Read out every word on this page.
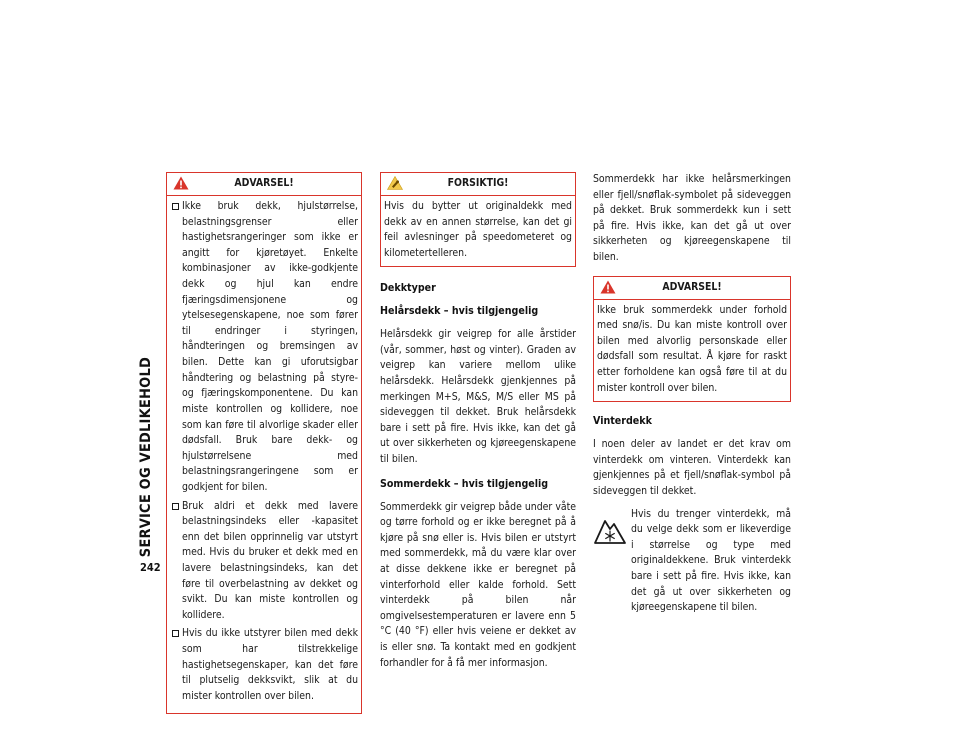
SERVICE OG VEDLIKEHOLD
242
ADVARSEL!
Ikke bruk dekk, hjulstørrelse, belastningsgrenser eller hastighetsrangeringer som ikke er angitt for kjøretøyet. Enkelte kombinasjoner av ikke-godkjente dekk og hjul kan endre fjæringsdimensjonene og ytelsesegenskapene, noe som fører til endringer i styringen, håndteringen og bremsingen av bilen. Dette kan gi uforutsigbar håndtering og belastning på styre- og fjæringskomponentene. Du kan miste kontrollen og kollidere, noe som kan føre til alvorlige skader eller dødsfall. Bruk bare dekk- og hjulstørrelsene med belastningsrangeringene som er godkjent for bilen.
Bruk aldri et dekk med lavere belastningsindeks eller -kapasitet enn det bilen opprinnelig var utstyrt med. Hvis du bruker et dekk med en lavere belastningsindeks, kan det føre til overbelastning av dekket og svikt. Du kan miste kontrollen og kollidere.
Hvis du ikke utstyrer bilen med dekk som har tilstrekkelige hastighetsegenskaper, kan det føre til plutselig dekksvikt, slik at du mister kontrollen over bilen.
FORSIKTIG!

Hvis du bytter ut originaldekk med dekk av en annen størrelse, kan det gi feil avlesninger på speedometeret og kilometertelleren.

Dekktyper
Helårsdekk – hvis tilgjengelig

Helårsdekk gir veigrep for alle årstider (vår, sommer, høst og vinter). Graden av veigrep kan variere mellom ulike helårsdekk. Helårsdekk gjenkjennes på merkingen M+S, M&S, M/S eller MS på sideveggen til dekket. Bruk helårsdekk bare i sett på fire. Hvis ikke, kan det gå ut over sikkerheten og kjøreegenskapene til bilen.

Sommerdekk – hvis tilgjengelig

Sommerdekk gir veigrep både under våte og tørre forhold og er ikke beregnet på å kjøre på snø eller is. Hvis bilen er utstyrt med sommerdekk, må du være klar over at disse dekkene ikke er beregnet på vinterforhold eller kalde forhold. Sett vinterdekk på bilen når omgivelsestemperaturen er lavere enn 5 °C (40 °F) eller hvis veiene er dekket av is eller snø. Ta kontakt med en godkjent forhandler for å få mer informasjon.

Sommerdekk har ikke helårsmerkingen eller fjell/snøflak-symbolet på sideveggen på dekket. Bruk sommerdekk kun i sett på fire. Hvis ikke, kan det gå ut over sikkerheten og kjøreegenskapene til bilen.

ADVARSEL!

Ikke bruk sommerdekk under forhold med snø/is. Du kan miste kontroll over bilen med alvorlig personskade eller dødsfall som resultat. Å kjøre for raskt etter forholdene kan også føre til at du mister kontroll over bilen.

Vinterdekk

I noen deler av landet er det krav om vinterdekk om vinteren. Vinterdekk kan gjenkjennes på et fjell/snøflak-symbol på sideveggen til dekket.

Hvis du trenger vinterdekk, må du velge dekk som er likeverdige i størrelse og type med originaldekkene. Bruk vinterdekk bare i sett på fire. Hvis ikke, kan det gå ut over sikkerheten og kjøreegenskapene til bilen.
